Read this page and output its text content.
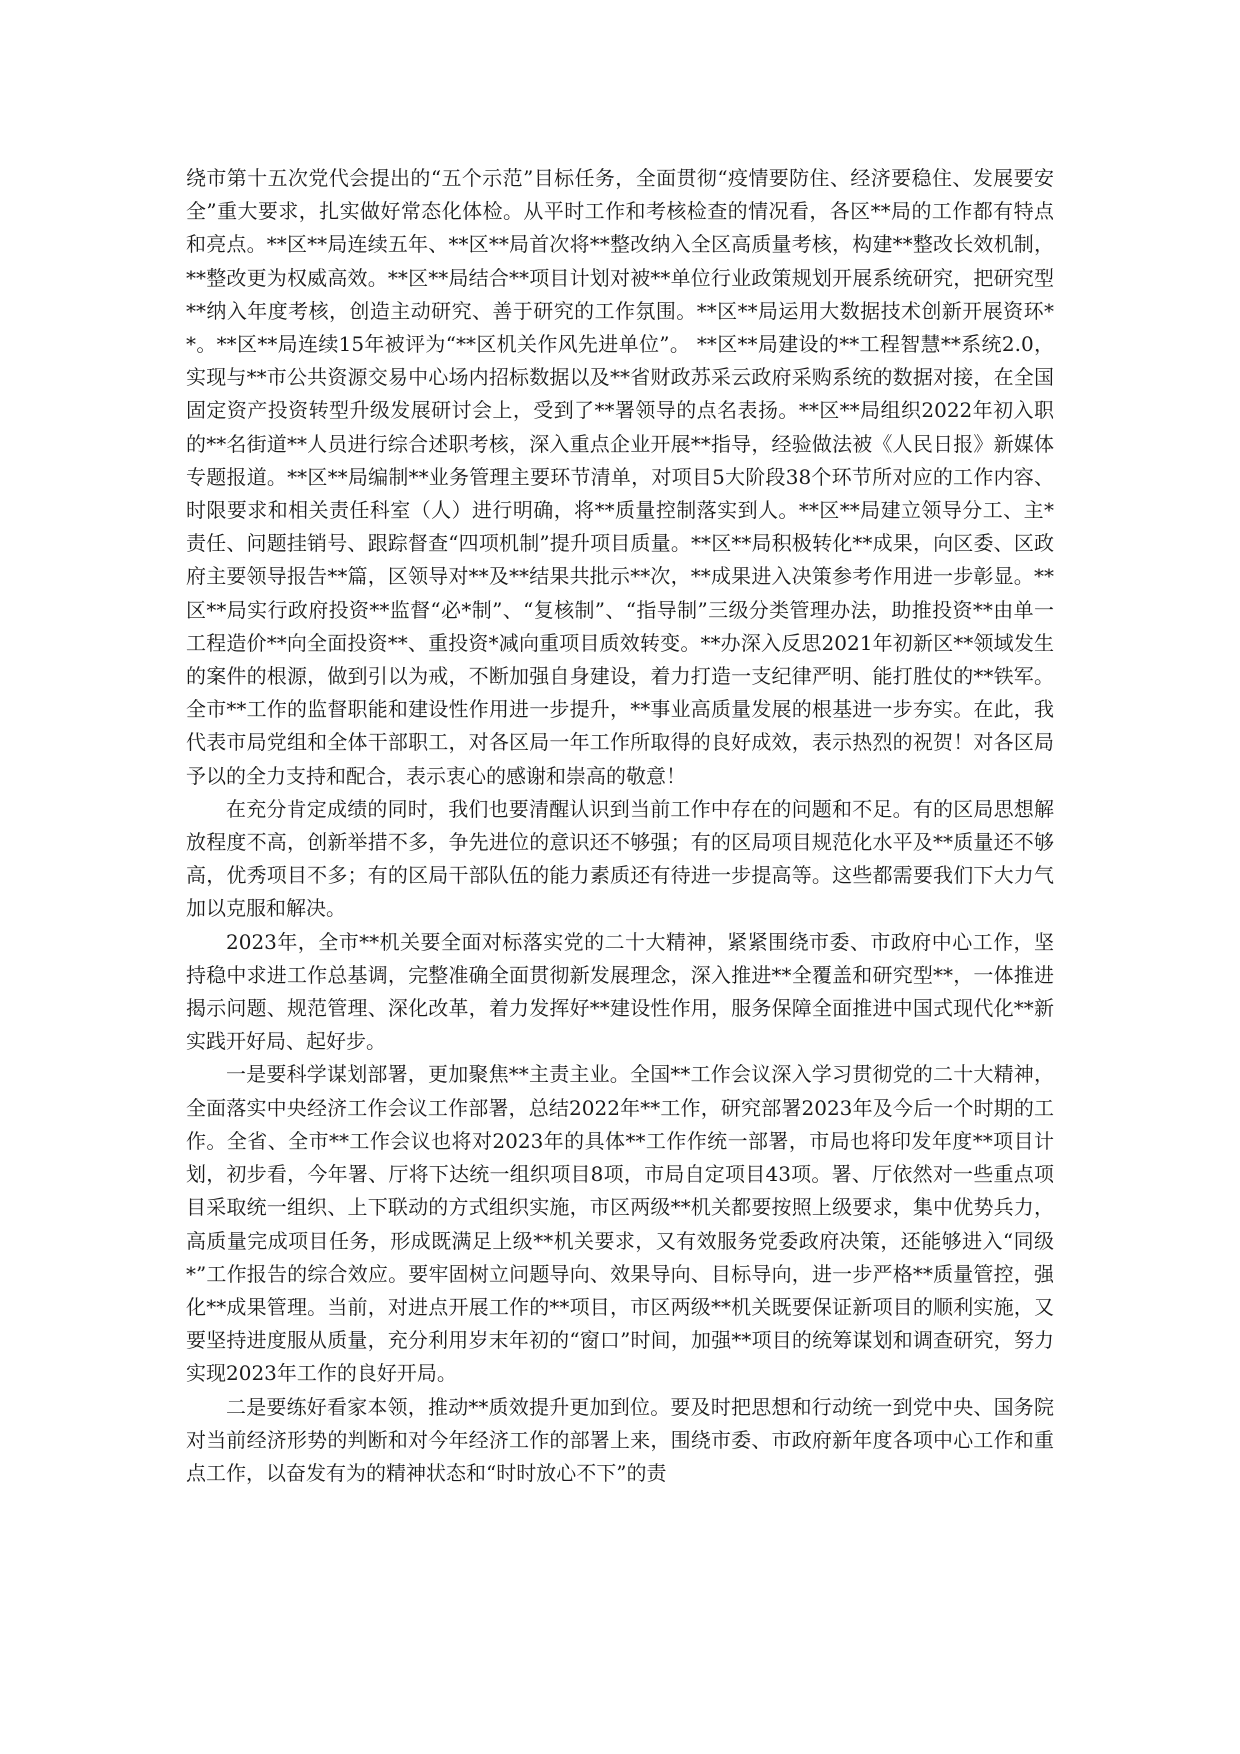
绕市第十五次党代会提出的“五个示范”目标任务，全面贯彻“疫情要防住、经济要稳住、发展要安全”重大要求，扎实做好常态化体检。从平时工作和考核检查的情况看，各区**局的工作都有特点和亮点。**区**局连续五年、**区**局首次将**整改纳入全区高质量考核，构建**整改长效机制，**整改更为权威高效。**区**局结合**项目计划对被**单位行业政策规划开展系统研究，把研究型**纳入年度考核，创造主动研究、善于研究的工作氛围。**区**局运用大数据技术创新开展资环**。**区**局连续15年被评为“**区机关作风先进单位”。 **区**局建设的**工程智慧**系统2.0，实现与**市公共资源交易中心场内招标数据以及**省财政苏采云政府采购系统的数据对接，在全国固定资产投资转型升级发展研讨会上，受到了**署领导的点名表扬。**区**局组织2022年初入职的**名街道**人员进行综合述职考核，深入重点企业开展**指导，经验做法被《人民日报》新媒体专题报道。**区**局编制**业务管理主要环节清单，对项目5大阶段38个环节所对应的工作内容、时限要求和相关责任科室（人）进行明确，将**质量控制落实到人。**区**局建立领导分工、主*责任、问题挂销号、跟踪督查“四项机制”提升项目质量。**区**局积极转化**成果，向区委、区政府主要领导报告**篇，区领导对**及**结果共批示**次，**成果进入决策参考作用进一步彰显。**区**局实行政府投资**监督“必*制”、“复核制”、“指导制”三级分类管理办法，助推投资**由单一工程造价**向全面投资**、重投资*减向重项目质效转变。**办深入反思2021年初新区**领域发生的案件的根源，做到引以为戒，不断加强自身建设，着力打造一支纪律严明、能打胜仗的**铁军。全市**工作的监督职能和建设性作用进一步提升，**事业高质量发展的根基进一步夯实。在此，我代表市局党组和全体干部职工，对各区局一年工作所取得的良好成效，表示热烈的祝贺！对各区局予以的全力支持和配合，表示衷心的感谢和崇高的敬意！

在充分肯定成绩的同时，我们也要清醒认识到当前工作中存在的问题和不足。有的区局思想解放程度不高，创新举措不多，争先进位的意识还不够强；有的区局项目规范化水平及**质量还不够高，优秀项目不多；有的区局干部队伍的能力素质还有待进一步提高等。这些都需要我们下大力气加以克服和解决。

2023年，全市**机关要全面对标落实党的二十大精神，紧紧围绕市委、市政府中心工作，坚持稳中求进工作总基调，完整准确全面贯彻新发展理念，深入推进**全覆盖和研究型**，一体推进揭示问题、规范管理、深化改革，着力发挥好**建设性作用，服务保障全面推进中国式现代化**新实践开好局、起好步。

一是要科学谋划部署，更加聚焦**主责主业。全国**工作会议深入学习贯彻党的二十大精神，全面落实中央经济工作会议工作部署，总结2022年**工作，研究部署2023年及今后一个时期的工作。全省、全市**工作会议也将对2023年的具体**工作作统一部署，市局也将印发年度**项目计划，初步看，今年署、厅将下达统一组织项目8项，市局自定项目43项。署、厅依然对一些重点项目采取统一组织、上下联动的方式组织实施，市区两级**机关都要按照上级要求，集中优势兵力，高质量完成项目任务，形成既满足上级**机关要求，又有效服务党委政府决策，还能够进入“同级*”工作报告的综合效应。要牢固树立问题导向、效果导向、目标导向，进一步严格**质量管控，强化**成果管理。当前，对进点开展工作的**项目，市区两级**机关既要保证新项目的顺利实施，又要坚持进度服从质量，充分利用岁末年初的“窗口”时间，加强**项目的统筹谋划和调查研究，努力实现2023年工作的良好开局。

二是要练好看家本领，推动**质效提升更加到位。要及时把思想和行动统一到党中央、国务院对当前经济形势的判断和对今年经济工作的部署上来，围绕市委、市政府新年度各项中心工作和重点工作，以奋发有为的精神状态和“时时放心不下”的责
